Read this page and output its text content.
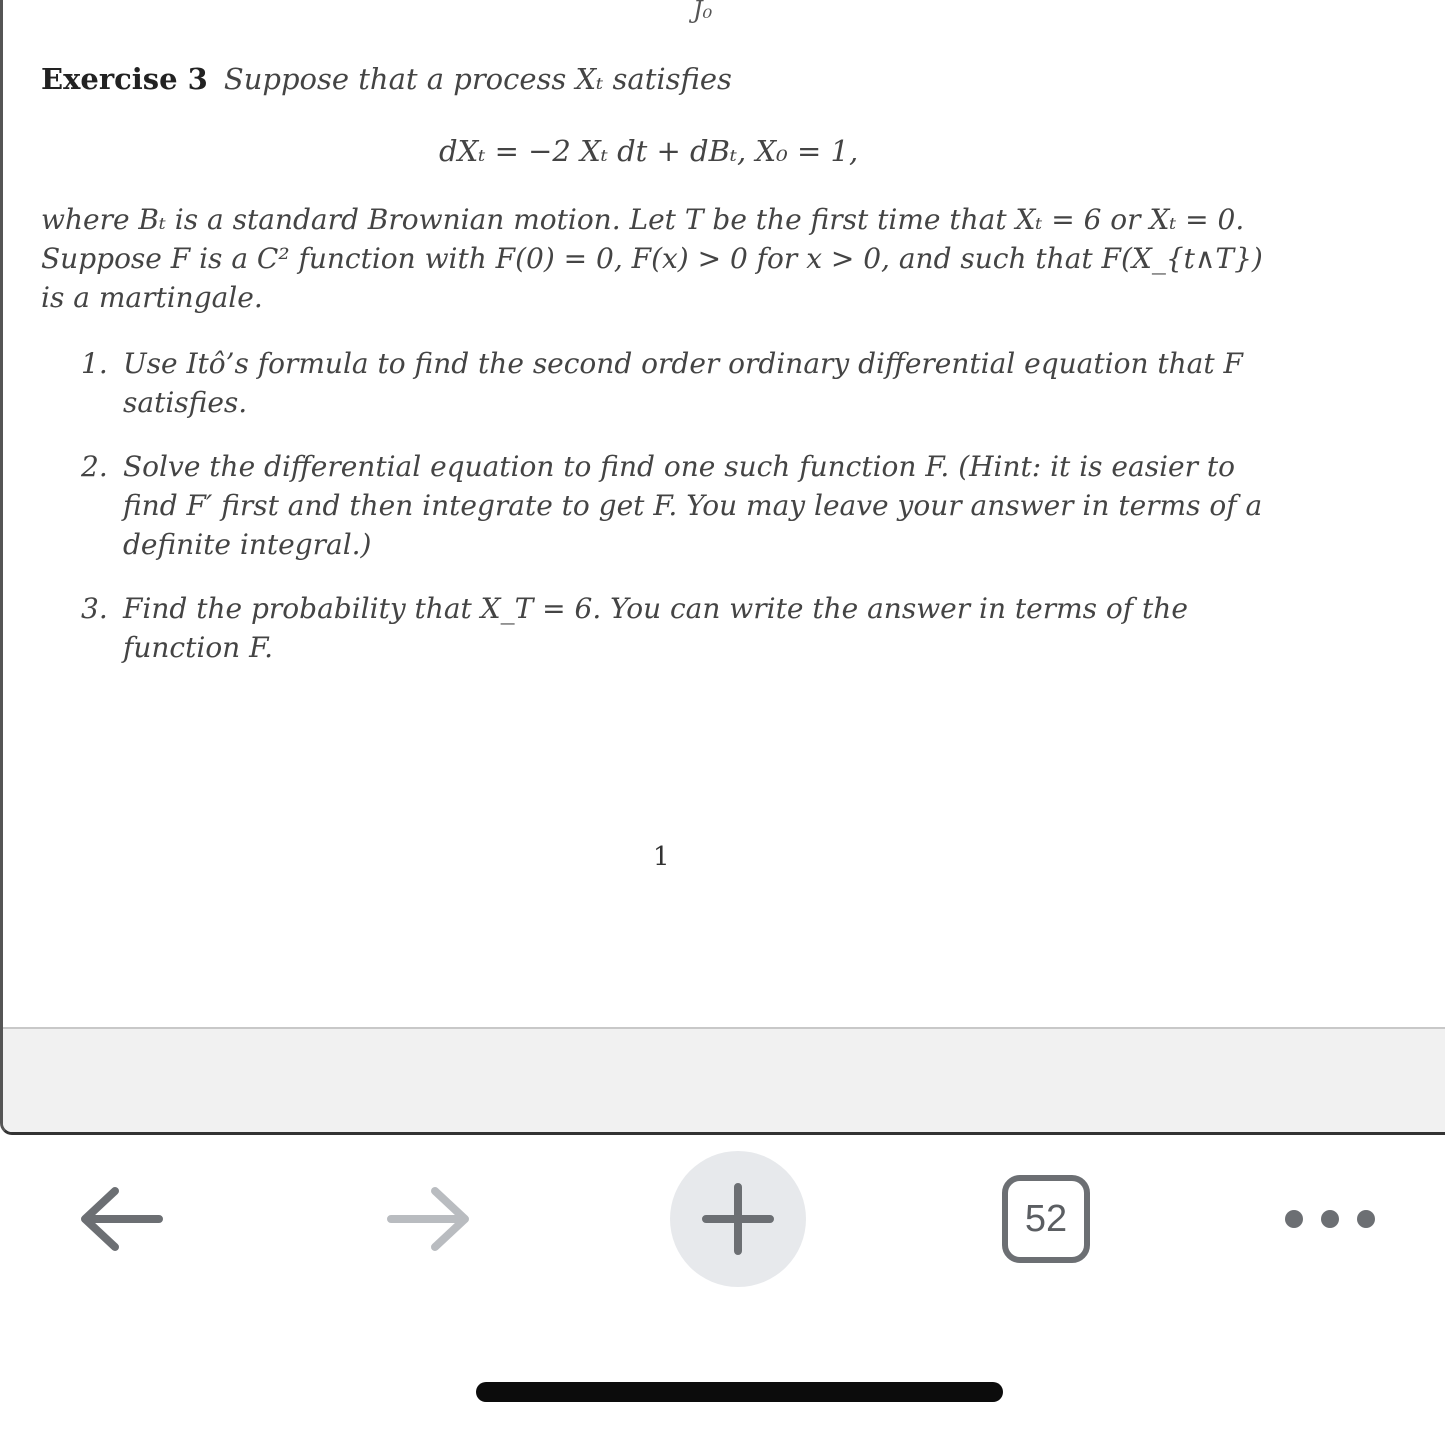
J₀
Exercise 3 Suppose that a process Xₜ satisfies
dXₜ = −2 Xₜ dt + dBₜ, X₀ = 1,
where Bₜ is a standard Brownian motion. Let T be the first time that Xₜ = 6 or Xₜ = 0. Suppose F is a C² function with F(0) = 0, F(x) > 0 for x > 0, and such that F(X_{t∧T}) is a martingale.
1. Use Itô’s formula to find the second order ordinary differential equation that F satisfies.
2. Solve the differential equation to find one such function F. (Hint: it is easier to find F′ first and then integrate to get F. You may leave your answer in terms of a definite integral.)
3. Find the probability that X_T = 6. You can write the answer in terms of the function F.
1
52
